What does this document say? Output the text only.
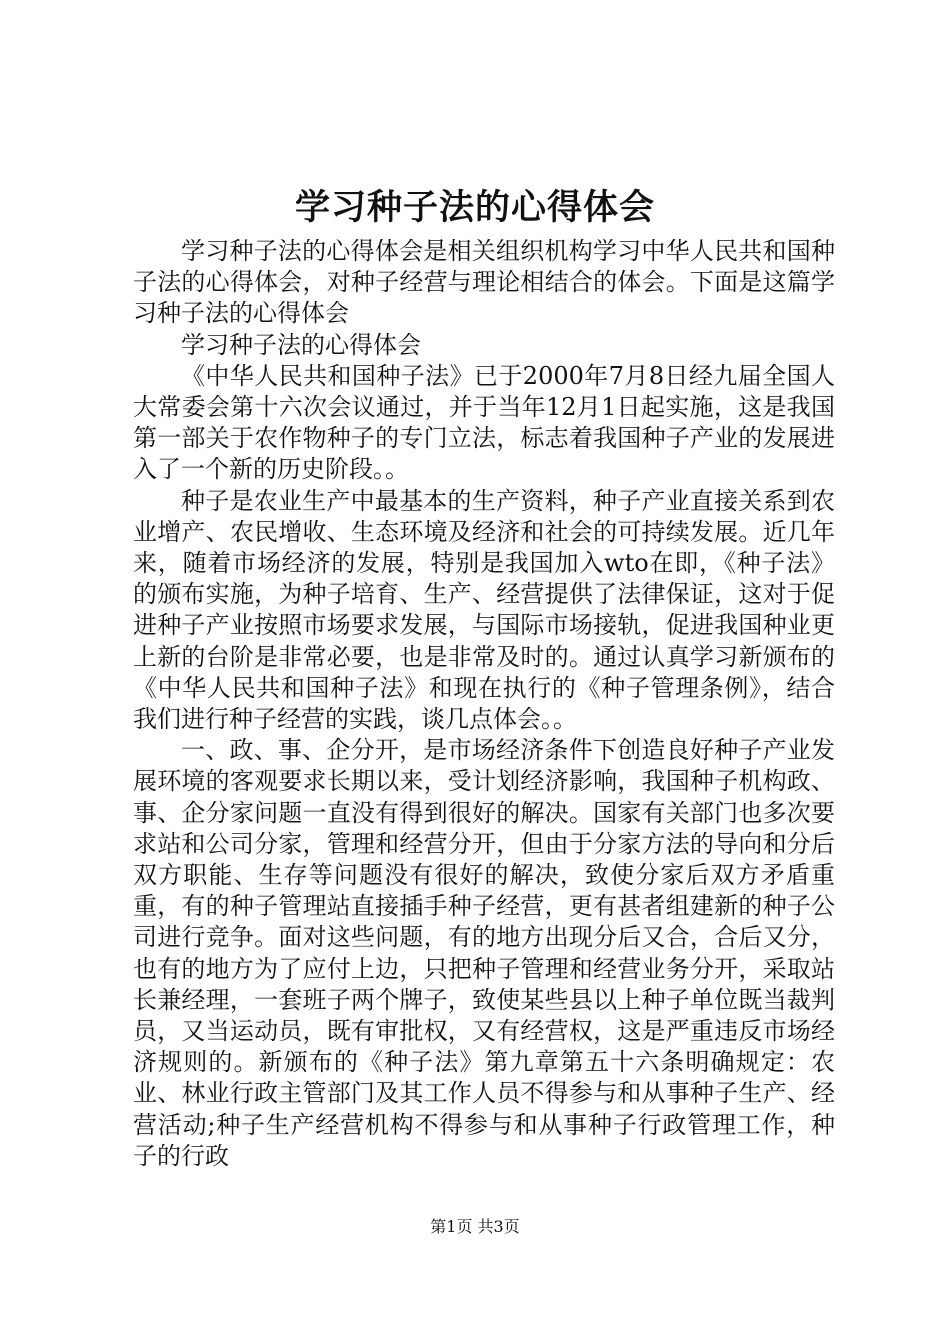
学习种子法的心得体会

学习种子法的心得体会是相关组织机构学习中华人民共和国种子法的心得体会，对种子经营与理论相结合的体会。下面是这篇学习种子法的心得体会

学习种子法的心得体会

《中华人民共和国种子法》已于2000年7月8日经九届全国人大常委会第十六次会议通过，并于当年12月1日起实施，这是我国第一部关于农作物种子的专门立法，标志着我国种子产业的发展进入了一个新的历史阶段。。

种子是农业生产中最基本的生产资料，种子产业直接关系到农业增产、农民增收、生态环境及经济和社会的可持续发展。近几年来，随着市场经济的发展，特别是我国加入wto在即，《种子法》的颁布实施，为种子培育、生产、经营提供了法律保证，这对于促进种子产业按照市场要求发展，与国际市场接轨，促进我国种业更上新的台阶是非常必要，也是非常及时的。通过认真学习新颁布的《中华人民共和国种子法》和现在执行的《种子管理条例》，结合我们进行种子经营的实践，谈几点体会。。

一、政、事、企分开，是市场经济条件下创造良好种子产业发展环境的客观要求长期以来，受计划经济影响，我国种子机构政、事、企分家问题一直没有得到很好的解决。国家有关部门也多次要求站和公司分家，管理和经营分开，但由于分家方法的导向和分后双方职能、生存等问题没有很好的解决，致使分家后双方矛盾重重，有的种子管理站直接插手种子经营，更有甚者组建新的种子公司进行竞争。面对这些问题，有的地方出现分后又合，合后又分，也有的地方为了应付上边，只把种子管理和经营业务分开，采取站长兼经理，一套班子两个牌子，致使某些县以上种子单位既当裁判员，又当运动员，既有审批权，又有经营权，这是严重违反市场经济规则的。新颁布的《种子法》第九章第五十六条明确规定：农业、林业行政主管部门及其工作人员不得参与和从事种子生产、经营活动;种子生产经营机构不得参与和从事种子行政管理工作，种子的行政

第1页 共3页
